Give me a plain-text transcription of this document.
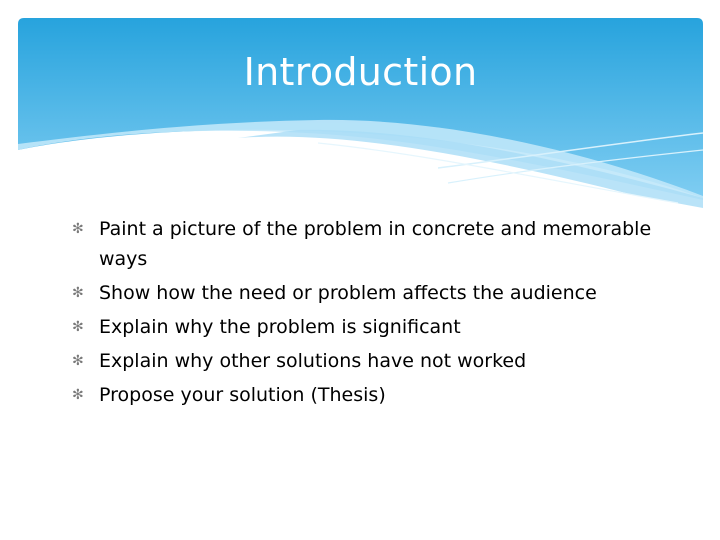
Introduction
✻ Paint a picture of the problem in concrete and memorable ways
✻ Show how the need or problem affects the audience
✻ Explain why the problem is significant
✻ Explain why other solutions have not worked
✻ Propose your solution (Thesis)
